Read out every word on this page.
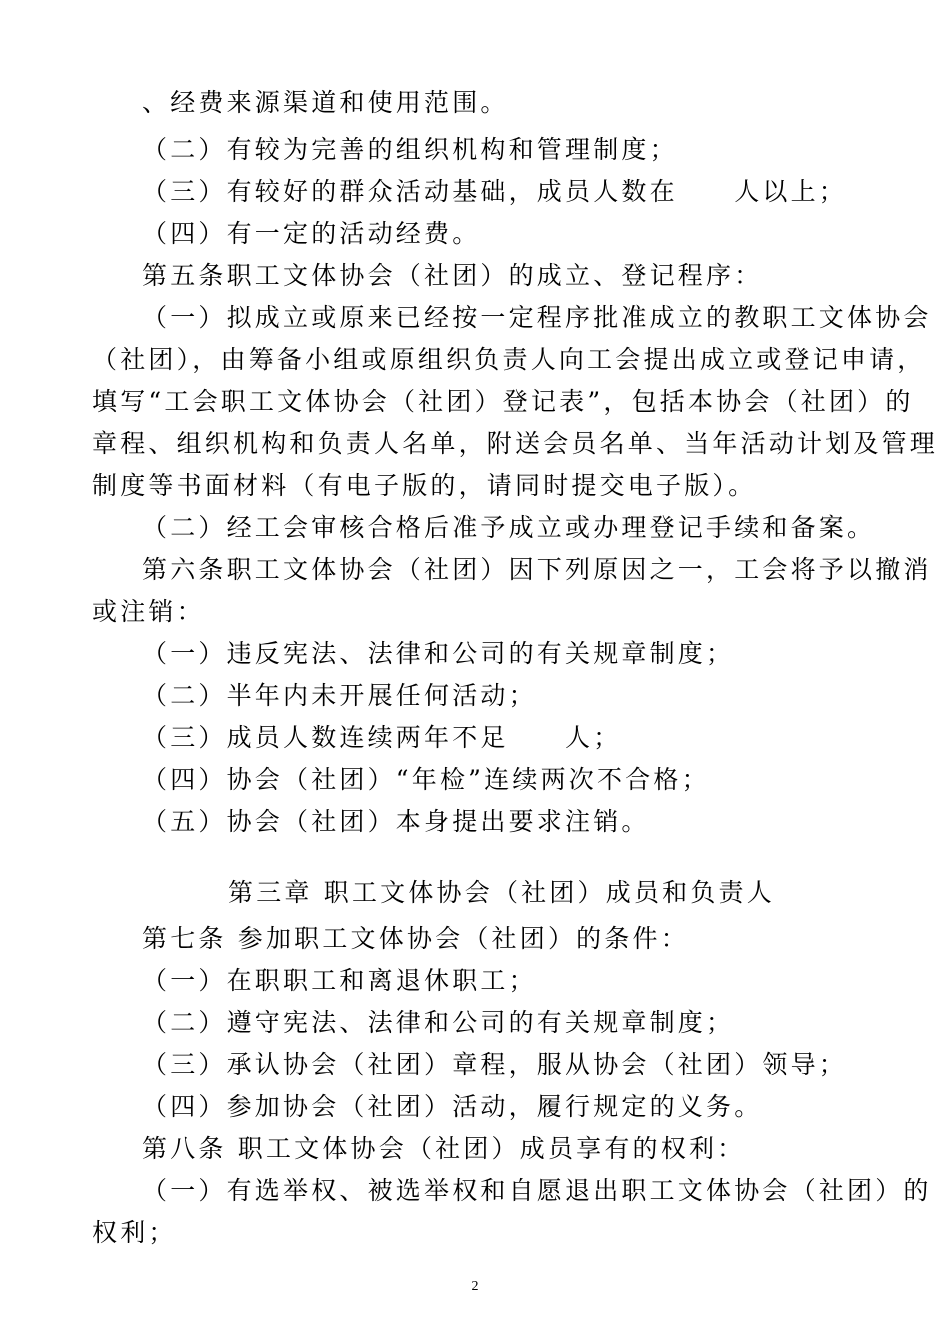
、经费来源渠道和使用范围。
（二）有较为完善的组织机构和管理制度；
（三）有较好的群众活动基础，成员人数在　　人以上；
（四）有一定的活动经费。
第五条职工文体协会（社团）的成立、登记程序：
（一）拟成立或原来已经按一定程序批准成立的教职工文体协会
（社团），由筹备小组或原组织负责人向工会提出成立或登记申请，
填写“工会职工文体协会（社团）登记表”，包括本协会（社团）的
章程、组织机构和负责人名单，附送会员名单、当年活动计划及管理
制度等书面材料（有电子版的，请同时提交电子版）。
（二）经工会审核合格后准予成立或办理登记手续和备案。
第六条职工文体协会（社团）因下列原因之一，工会将予以撤消
或注销：
（一）违反宪法、法律和公司的有关规章制度；
（二）半年内未开展任何活动；
（三）成员人数连续两年不足　　人；
（四）协会（社团）“年检”连续两次不合格；
（五）协会（社团）本身提出要求注销。
第三章 职工文体协会（社团）成员和负责人
第七条 参加职工文体协会（社团）的条件：
（一）在职职工和离退休职工；
（二）遵守宪法、法律和公司的有关规章制度；
（三）承认协会（社团）章程，服从协会（社团）领导；
（四）参加协会（社团）活动，履行规定的义务。
第八条 职工文体协会（社团）成员享有的权利：
（一）有选举权、被选举权和自愿退出职工文体协会（社团）的
权利；
2
